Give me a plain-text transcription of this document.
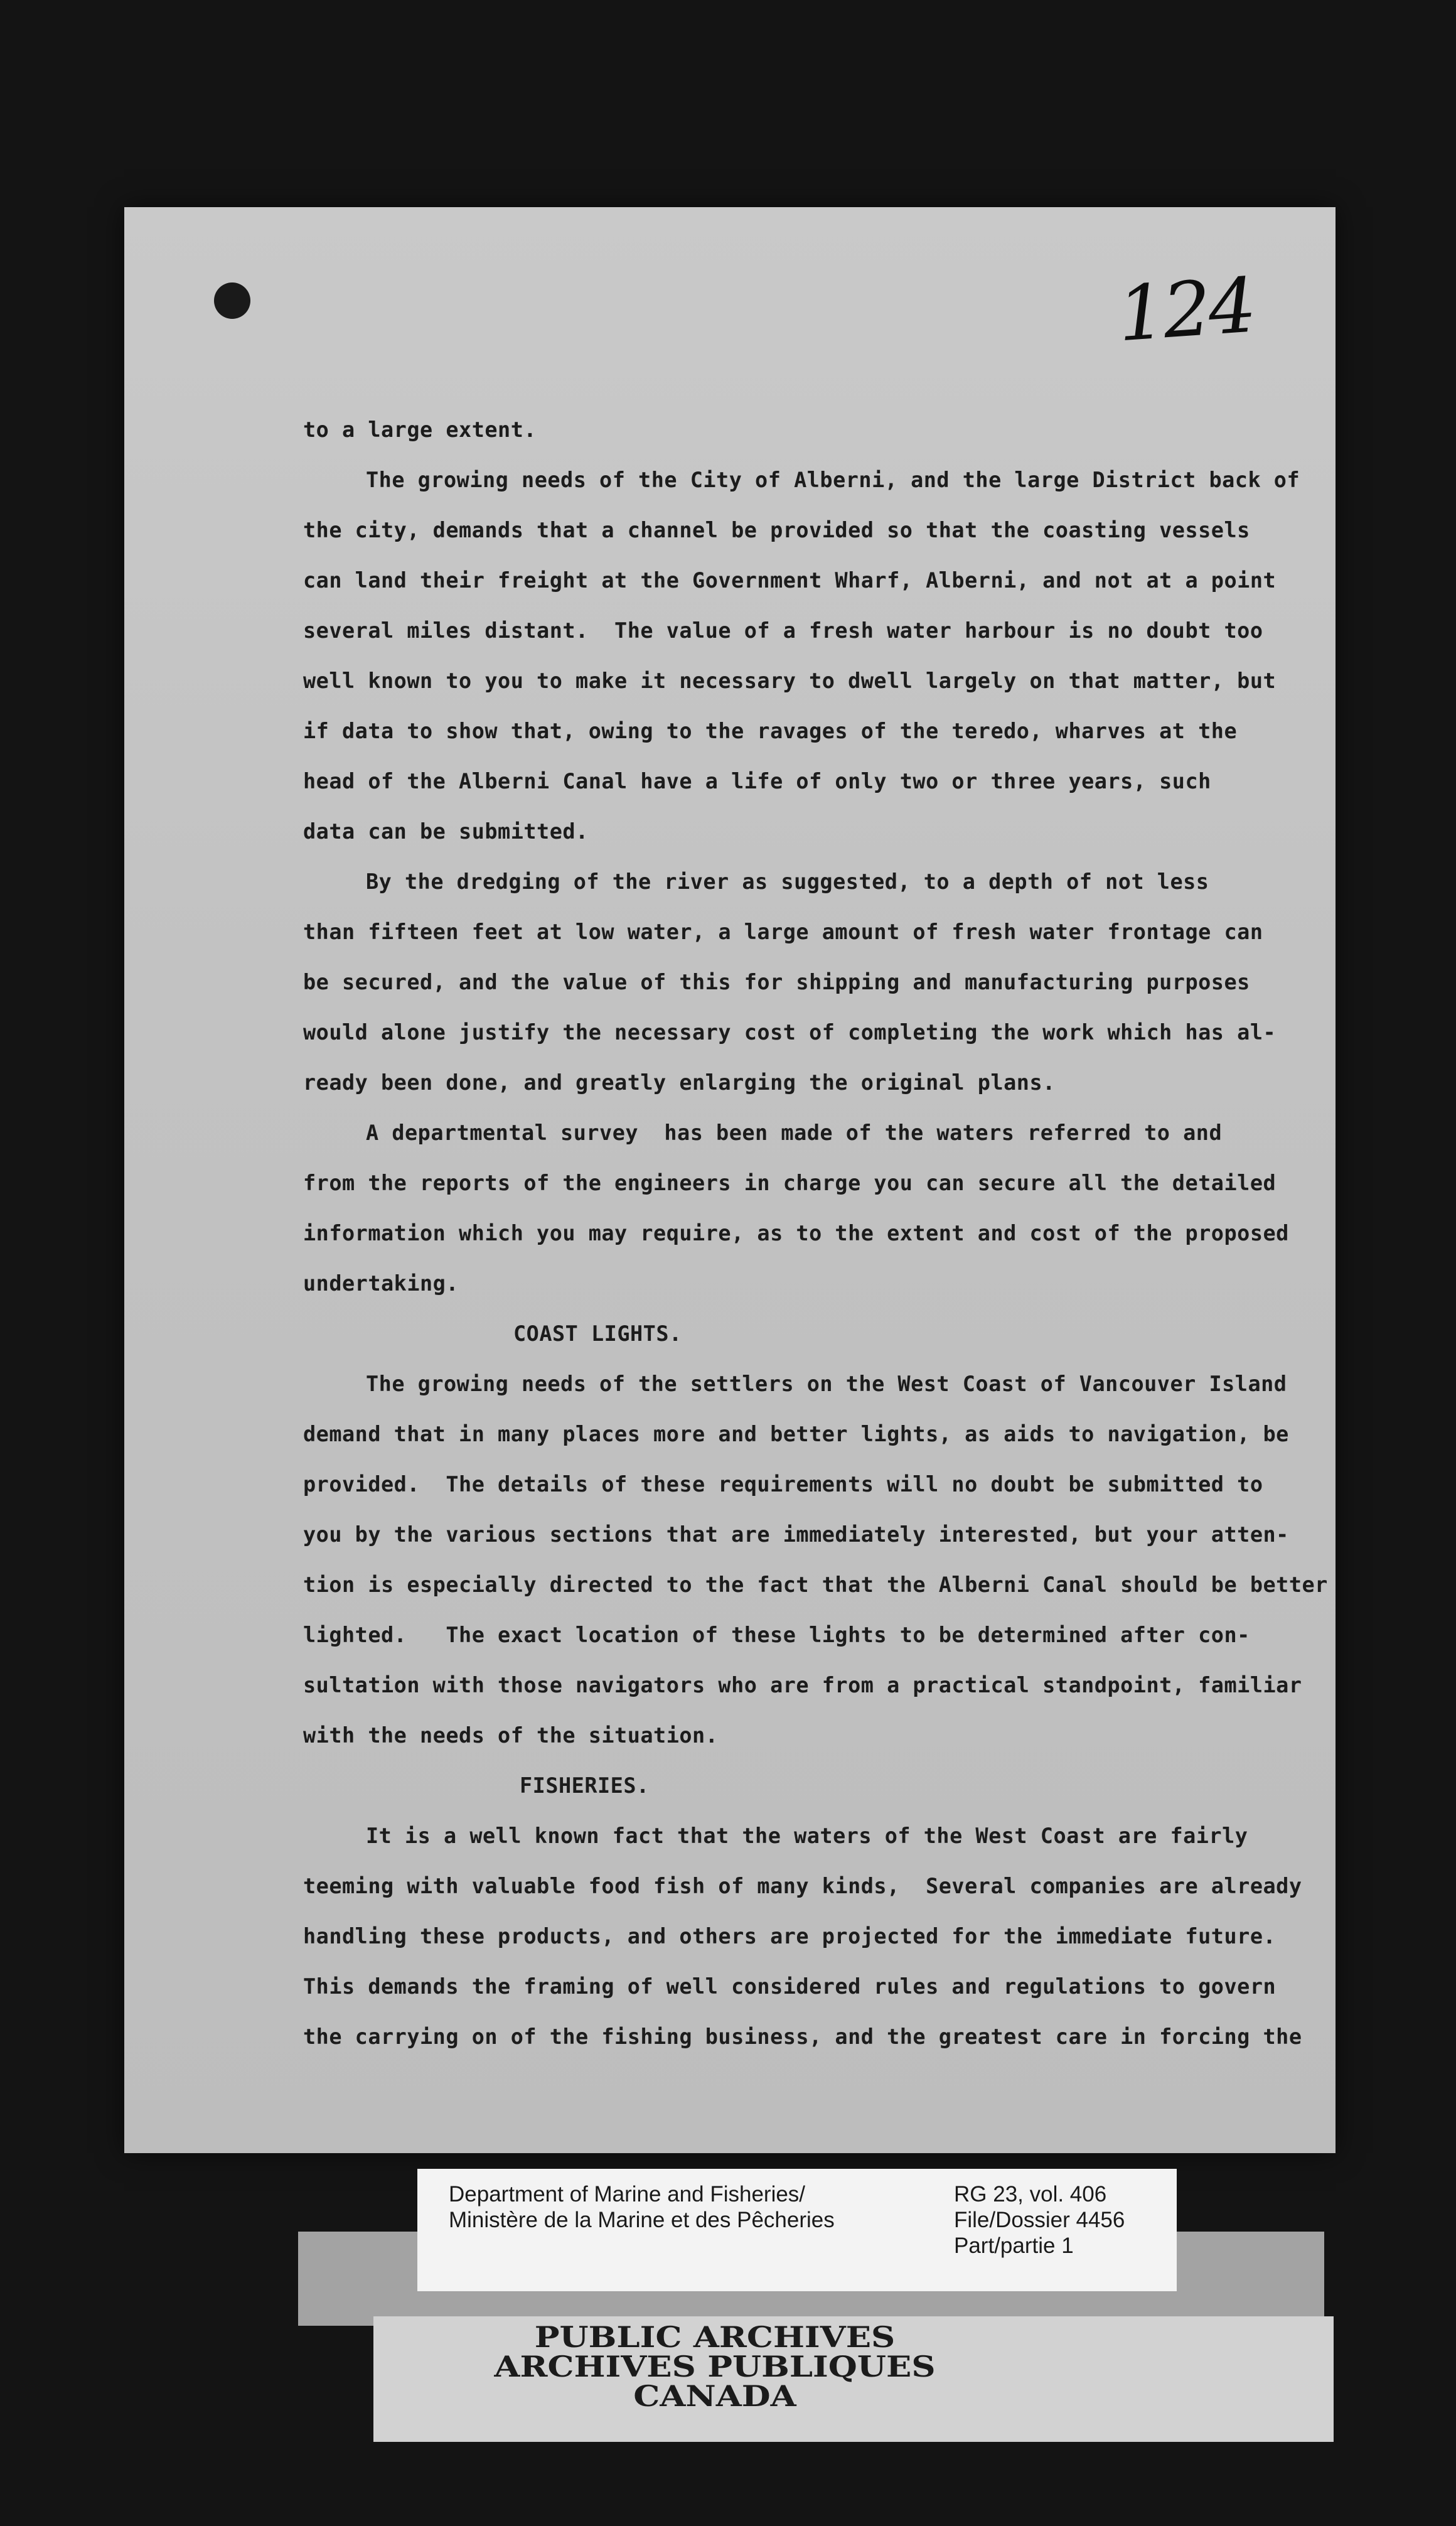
124
to a large extent.
The growing needs of the City of Alberni, and the large District back of
the city, demands that a channel be provided so that the coasting vessels
can land their freight at the Government Wharf, Alberni, and not at a point
several miles distant.  The value of a fresh water harbour is no doubt too
well known to you to make it necessary to dwell largely on that matter, but
if data to show that, owing to the ravages of the teredo, wharves at the
head of the Alberni Canal have a life of only two or three years, such
data can be submitted.
By the dredging of the river as suggested, to a depth of not less
than fifteen feet at low water, a large amount of fresh water frontage can
be secured, and the value of this for shipping and manufacturing purposes
would alone justify the necessary cost of completing the work which has al-
ready been done, and greatly enlarging the original plans.
A departmental survey  has been made of the waters referred to and
from the reports of the engineers in charge you can secure all the detailed
information which you may require, as to the extent and cost of the proposed
undertaking.
COAST LIGHTS.
The growing needs of the settlers on the West Coast of Vancouver Island
demand that in many places more and better lights, as aids to navigation, be
provided.  The details of these requirements will no doubt be submitted to
you by the various sections that are immediately interested, but your atten-
tion is especially directed to the fact that the Alberni Canal should be better
lighted.   The exact location of these lights to be determined after con-
sultation with those navigators who are from a practical standpoint, familiar
with the needs of the situation.
FISHERIES.
It is a well known fact that the waters of the West Coast are fairly
teeming with valuable food fish of many kinds,  Several companies are already
handling these products, and others are projected for the immediate future.
This demands the framing of well considered rules and regulations to govern
the carrying on of the fishing business, and the greatest care in forcing the
Department of Marine and Fisheries/
Ministère de la Marine et des Pêcheries
RG 23, vol. 406
File/Dossier 4456
Part/partie 1
PUBLIC ARCHIVES
ARCHIVES PUBLIQUES
CANADA
